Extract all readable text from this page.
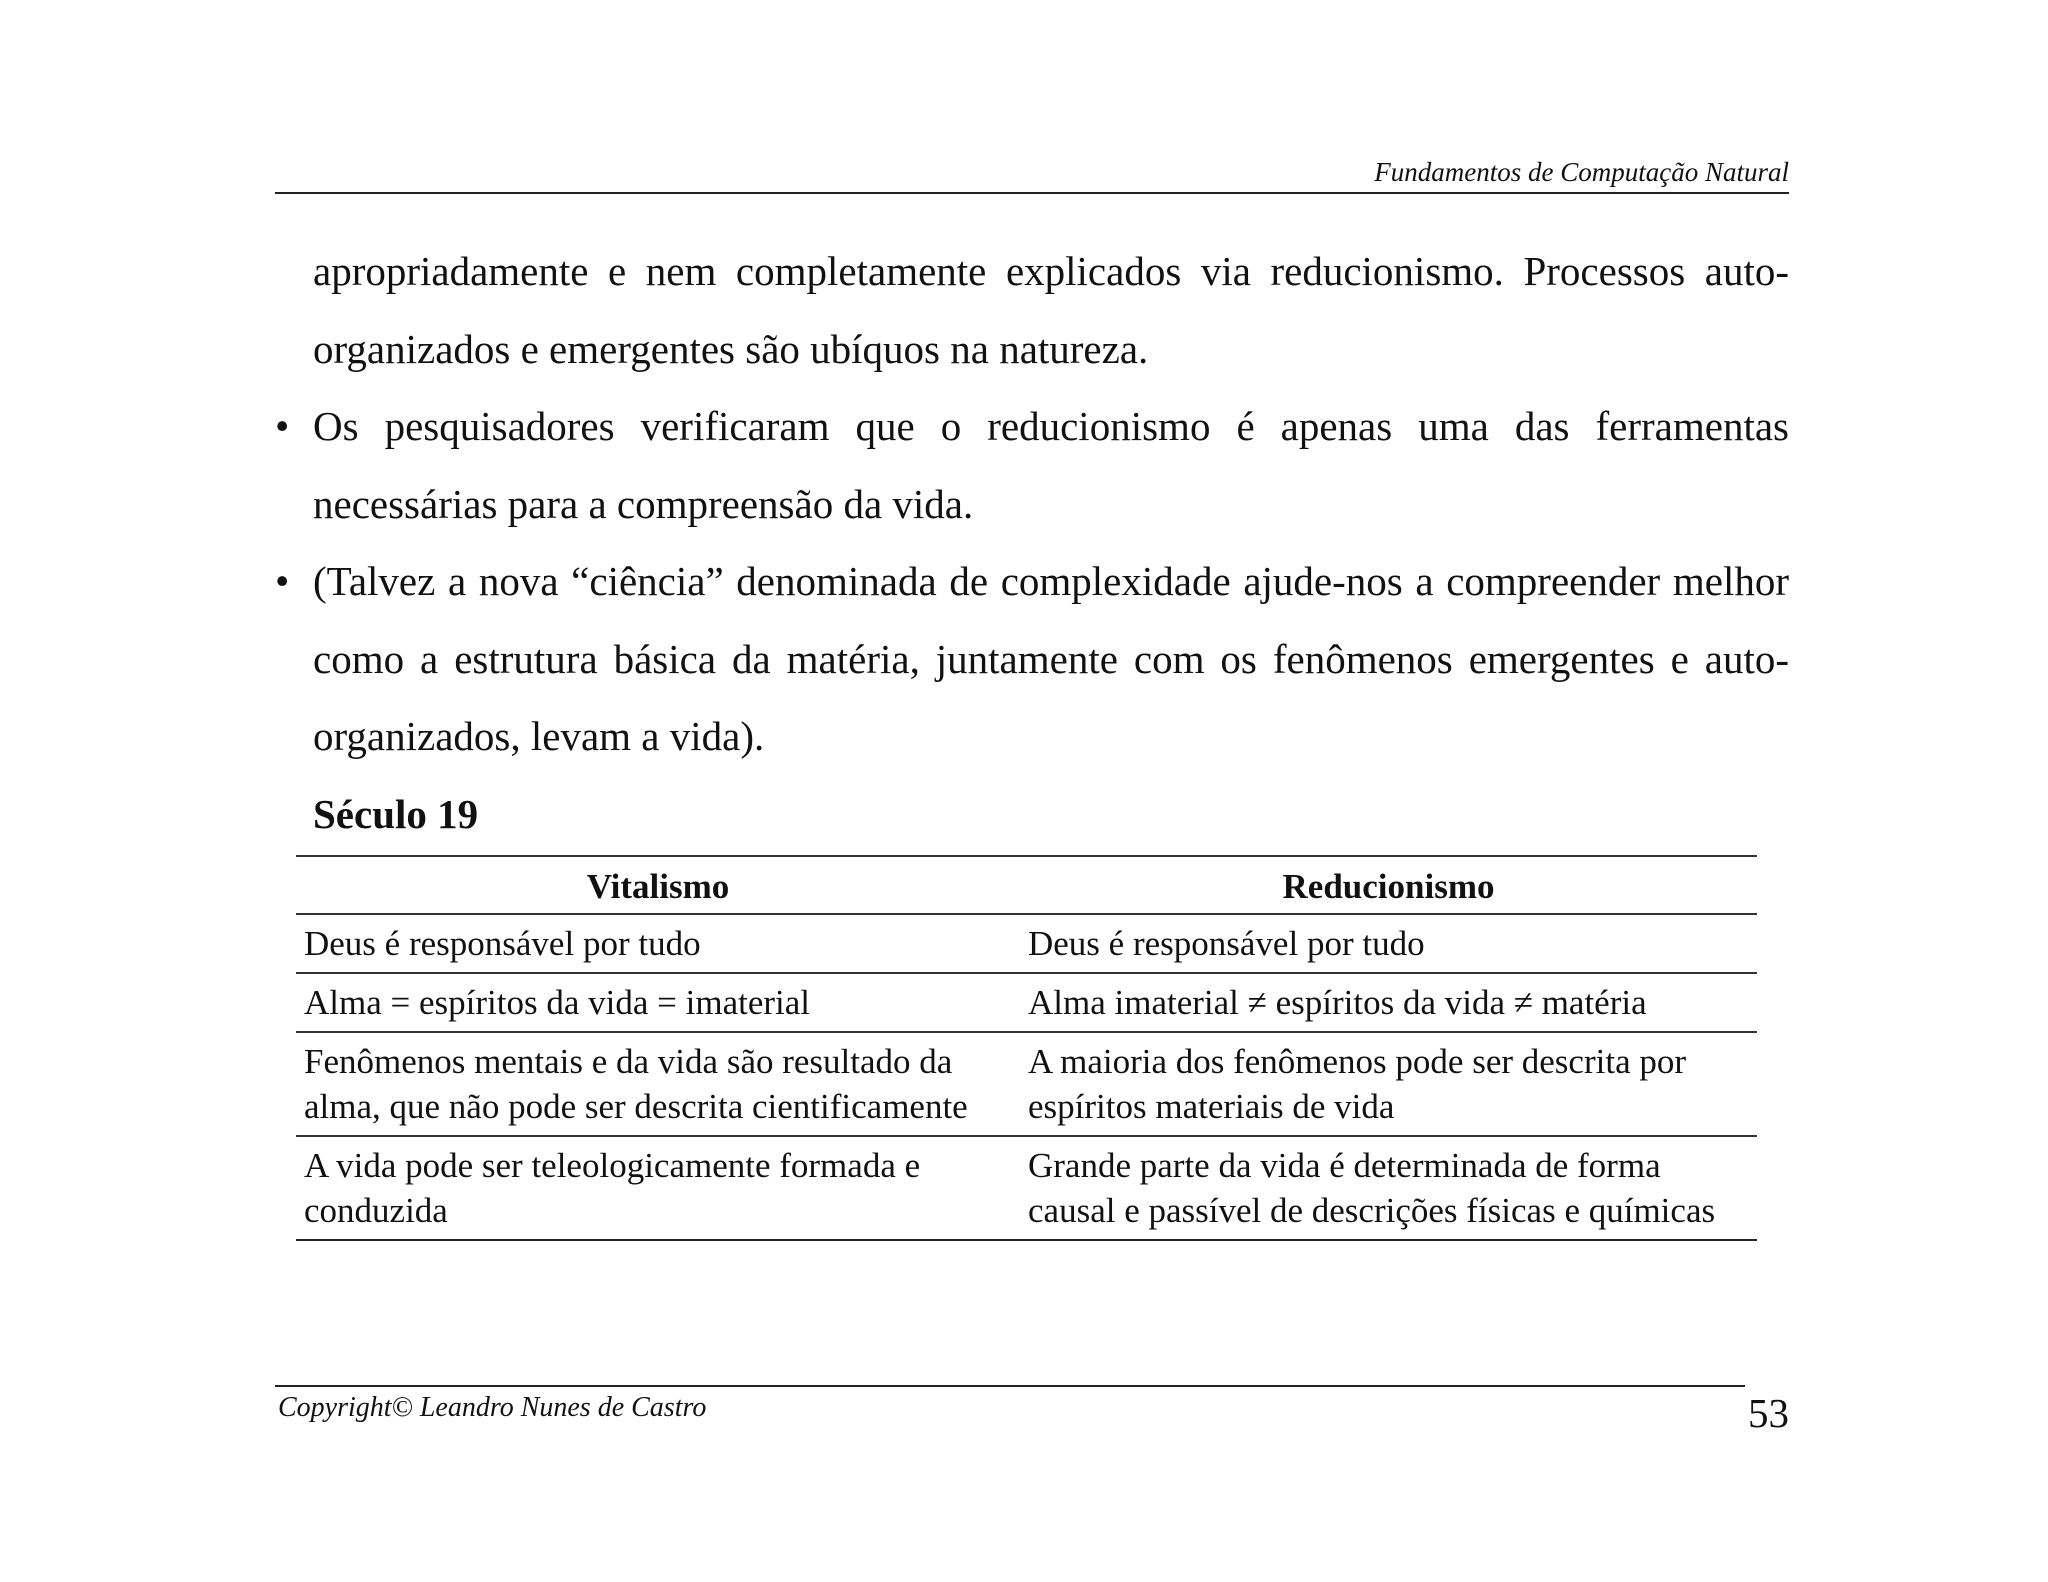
Fundamentos de Computação Natural

apropriadamente e nem completamente explicados via reducionismo. Processos auto-organizados e emergentes são ubíquos na natureza.

• Os pesquisadores verificaram que o reducionismo é apenas uma das ferramentas necessárias para a compreensão da vida.

• (Talvez a nova “ciência” denominada de complexidade ajude-nos a compreender melhor como a estrutura básica da matéria, juntamente com os fenômenos emergentes e auto-organizados, levam a vida).

Século 19

Vitalismo	Reducionismo
Deus é responsável por tudo	Deus é responsável por tudo
Alma = espíritos da vida = imaterial	Alma imaterial ≠ espíritos da vida ≠ matéria
Fenômenos mentais e da vida são resultado da alma, que não pode ser descrita cientificamente	A maioria dos fenômenos pode ser descrita por espíritos materiais de vida
A vida pode ser teleologicamente formada e conduzida	Grande parte da vida é determinada de forma causal e passível de descrições físicas e químicas
Copyright© Leandro Nunes de Castro	53
